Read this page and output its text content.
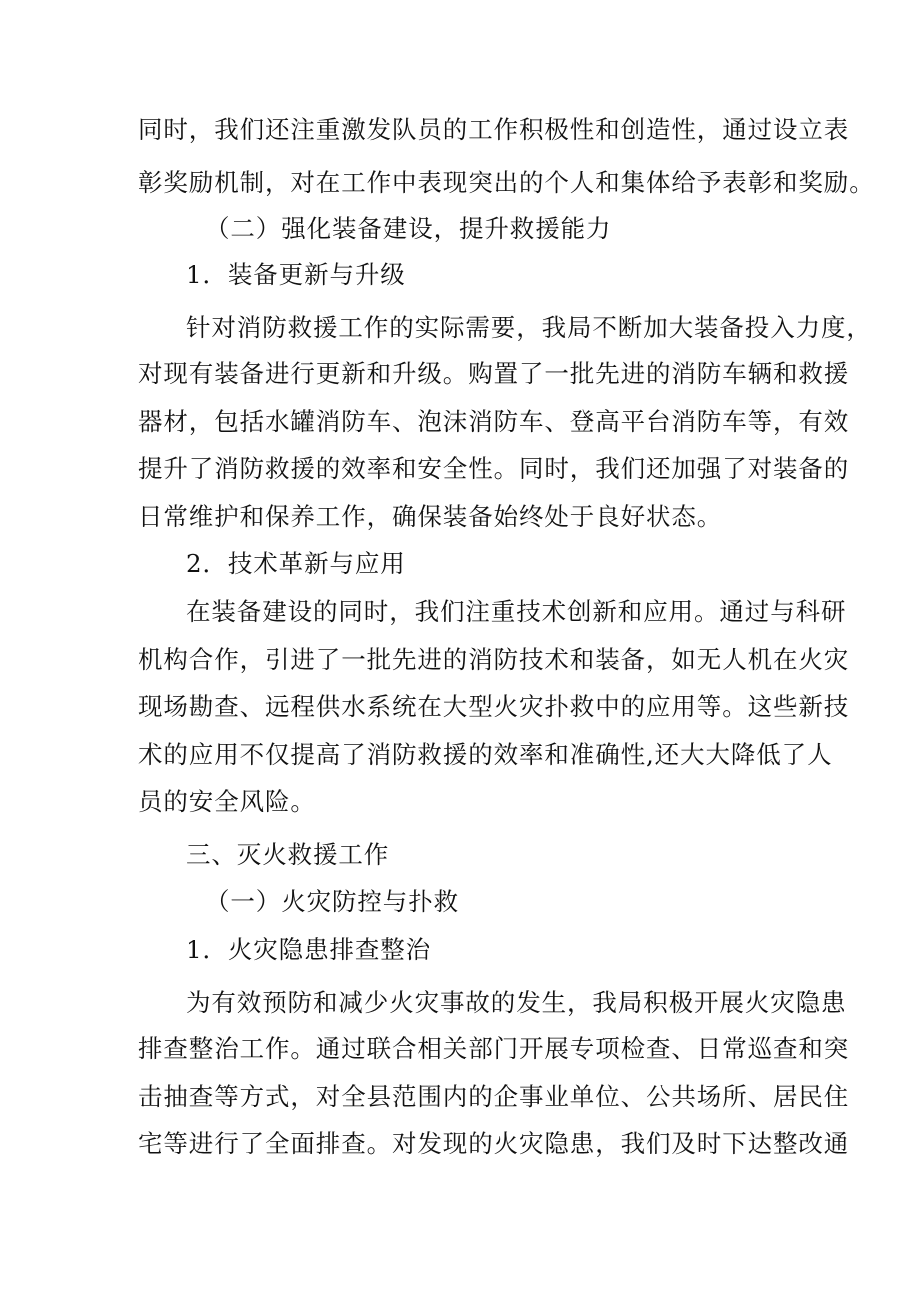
同时，我们还注重激发队员的工作积极性和创造性，通过设立表
彰奖励机制，对在工作中表现突出的个人和集体给予表彰和奖励。
（二）强化装备建设，提升救援能力
1．装备更新与升级
针对消防救援工作的实际需要，我局不断加大装备投入力度，
对现有装备进行更新和升级。购置了一批先进的消防车辆和救援
器材，包括水罐消防车、泡沫消防车、登高平台消防车等，有效
提升了消防救援的效率和安全性。同时，我们还加强了对装备的
日常维护和保养工作，确保装备始终处于良好状态。
2．技术革新与应用
在装备建设的同时，我们注重技术创新和应用。通过与科研
机构合作，引进了一批先进的消防技术和装备，如无人机在火灾
现场勘查、远程供水系统在大型火灾扑救中的应用等。这些新技
术的应用不仅提高了消防救援的效率和准确性,还大大降低了人
员的安全风险。
三、灭火救援工作
（一）火灾防控与扑救
1．火灾隐患排查整治
为有效预防和减少火灾事故的发生，我局积极开展火灾隐患
排查整治工作。通过联合相关部门开展专项检查、日常巡查和突
击抽查等方式，对全县范围内的企事业单位、公共场所、居民住
宅等进行了全面排查。对发现的火灾隐患，我们及时下达整改通
